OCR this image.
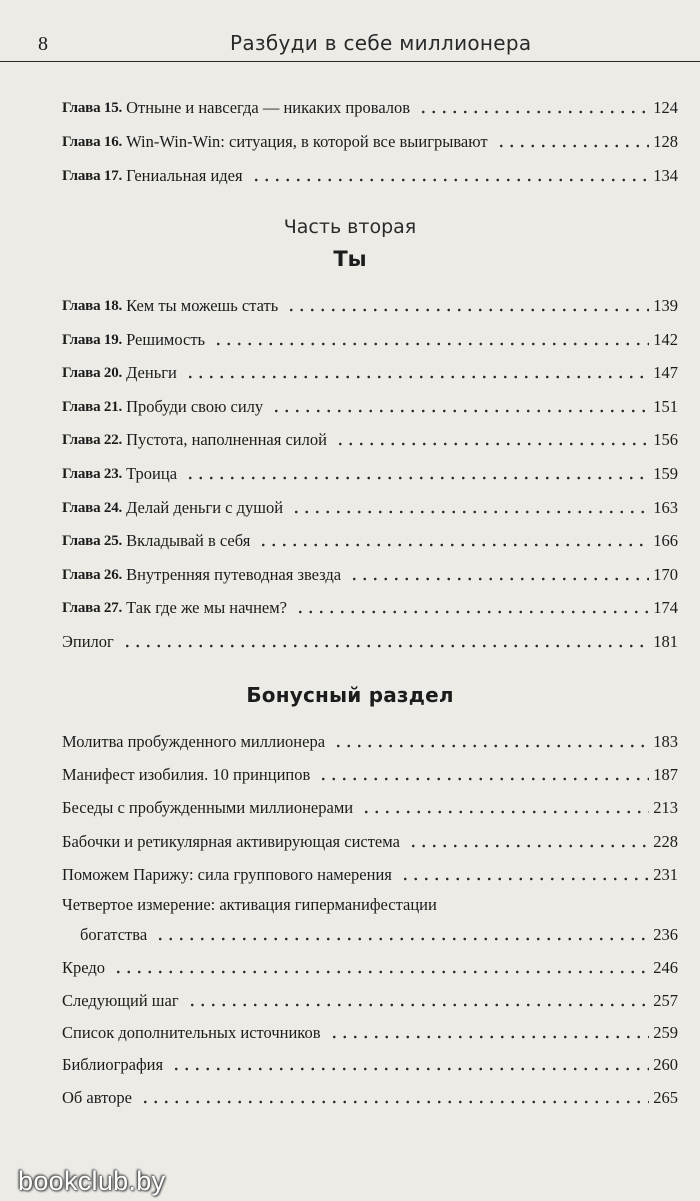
8	Разбуди в себе миллионера
Глава 15. Отныне и навсегда — никаких провалов	124
Глава 16. Win-Win-Win: ситуация, в которой все выигрывают	128
Глава 17. Гениальная идея	134
Часть вторая
Ты
Глава 18. Кем ты можешь стать	139
Глава 19. Решимость	142
Глава 20. Деньги	147
Глава 21. Пробуди свою силу	151
Глава 22. Пустота, наполненная силой	156
Глава 23. Троица	159
Глава 24. Делай деньги с душой	163
Глава 25. Вкладывай в себя	166
Глава 26. Внутренняя путеводная звезда	170
Глава 27. Так где же мы начнем?	174
Эпилог	181
Бонусный раздел
Молитва пробужденного миллионера	183
Манифест изобилия. 10 принципов	187
Беседы с пробужденными миллионерами	213
Бабочки и ретикулярная активирующая система	228
Поможем Парижу: сила группового намерения	231
Четвертое измерение: активация гиперманифестации
богатства	236
Кредо	246
Следующий шаг	257
Список дополнительных источников	259
Библиография	260
Об авторе	265
bookclub.by
